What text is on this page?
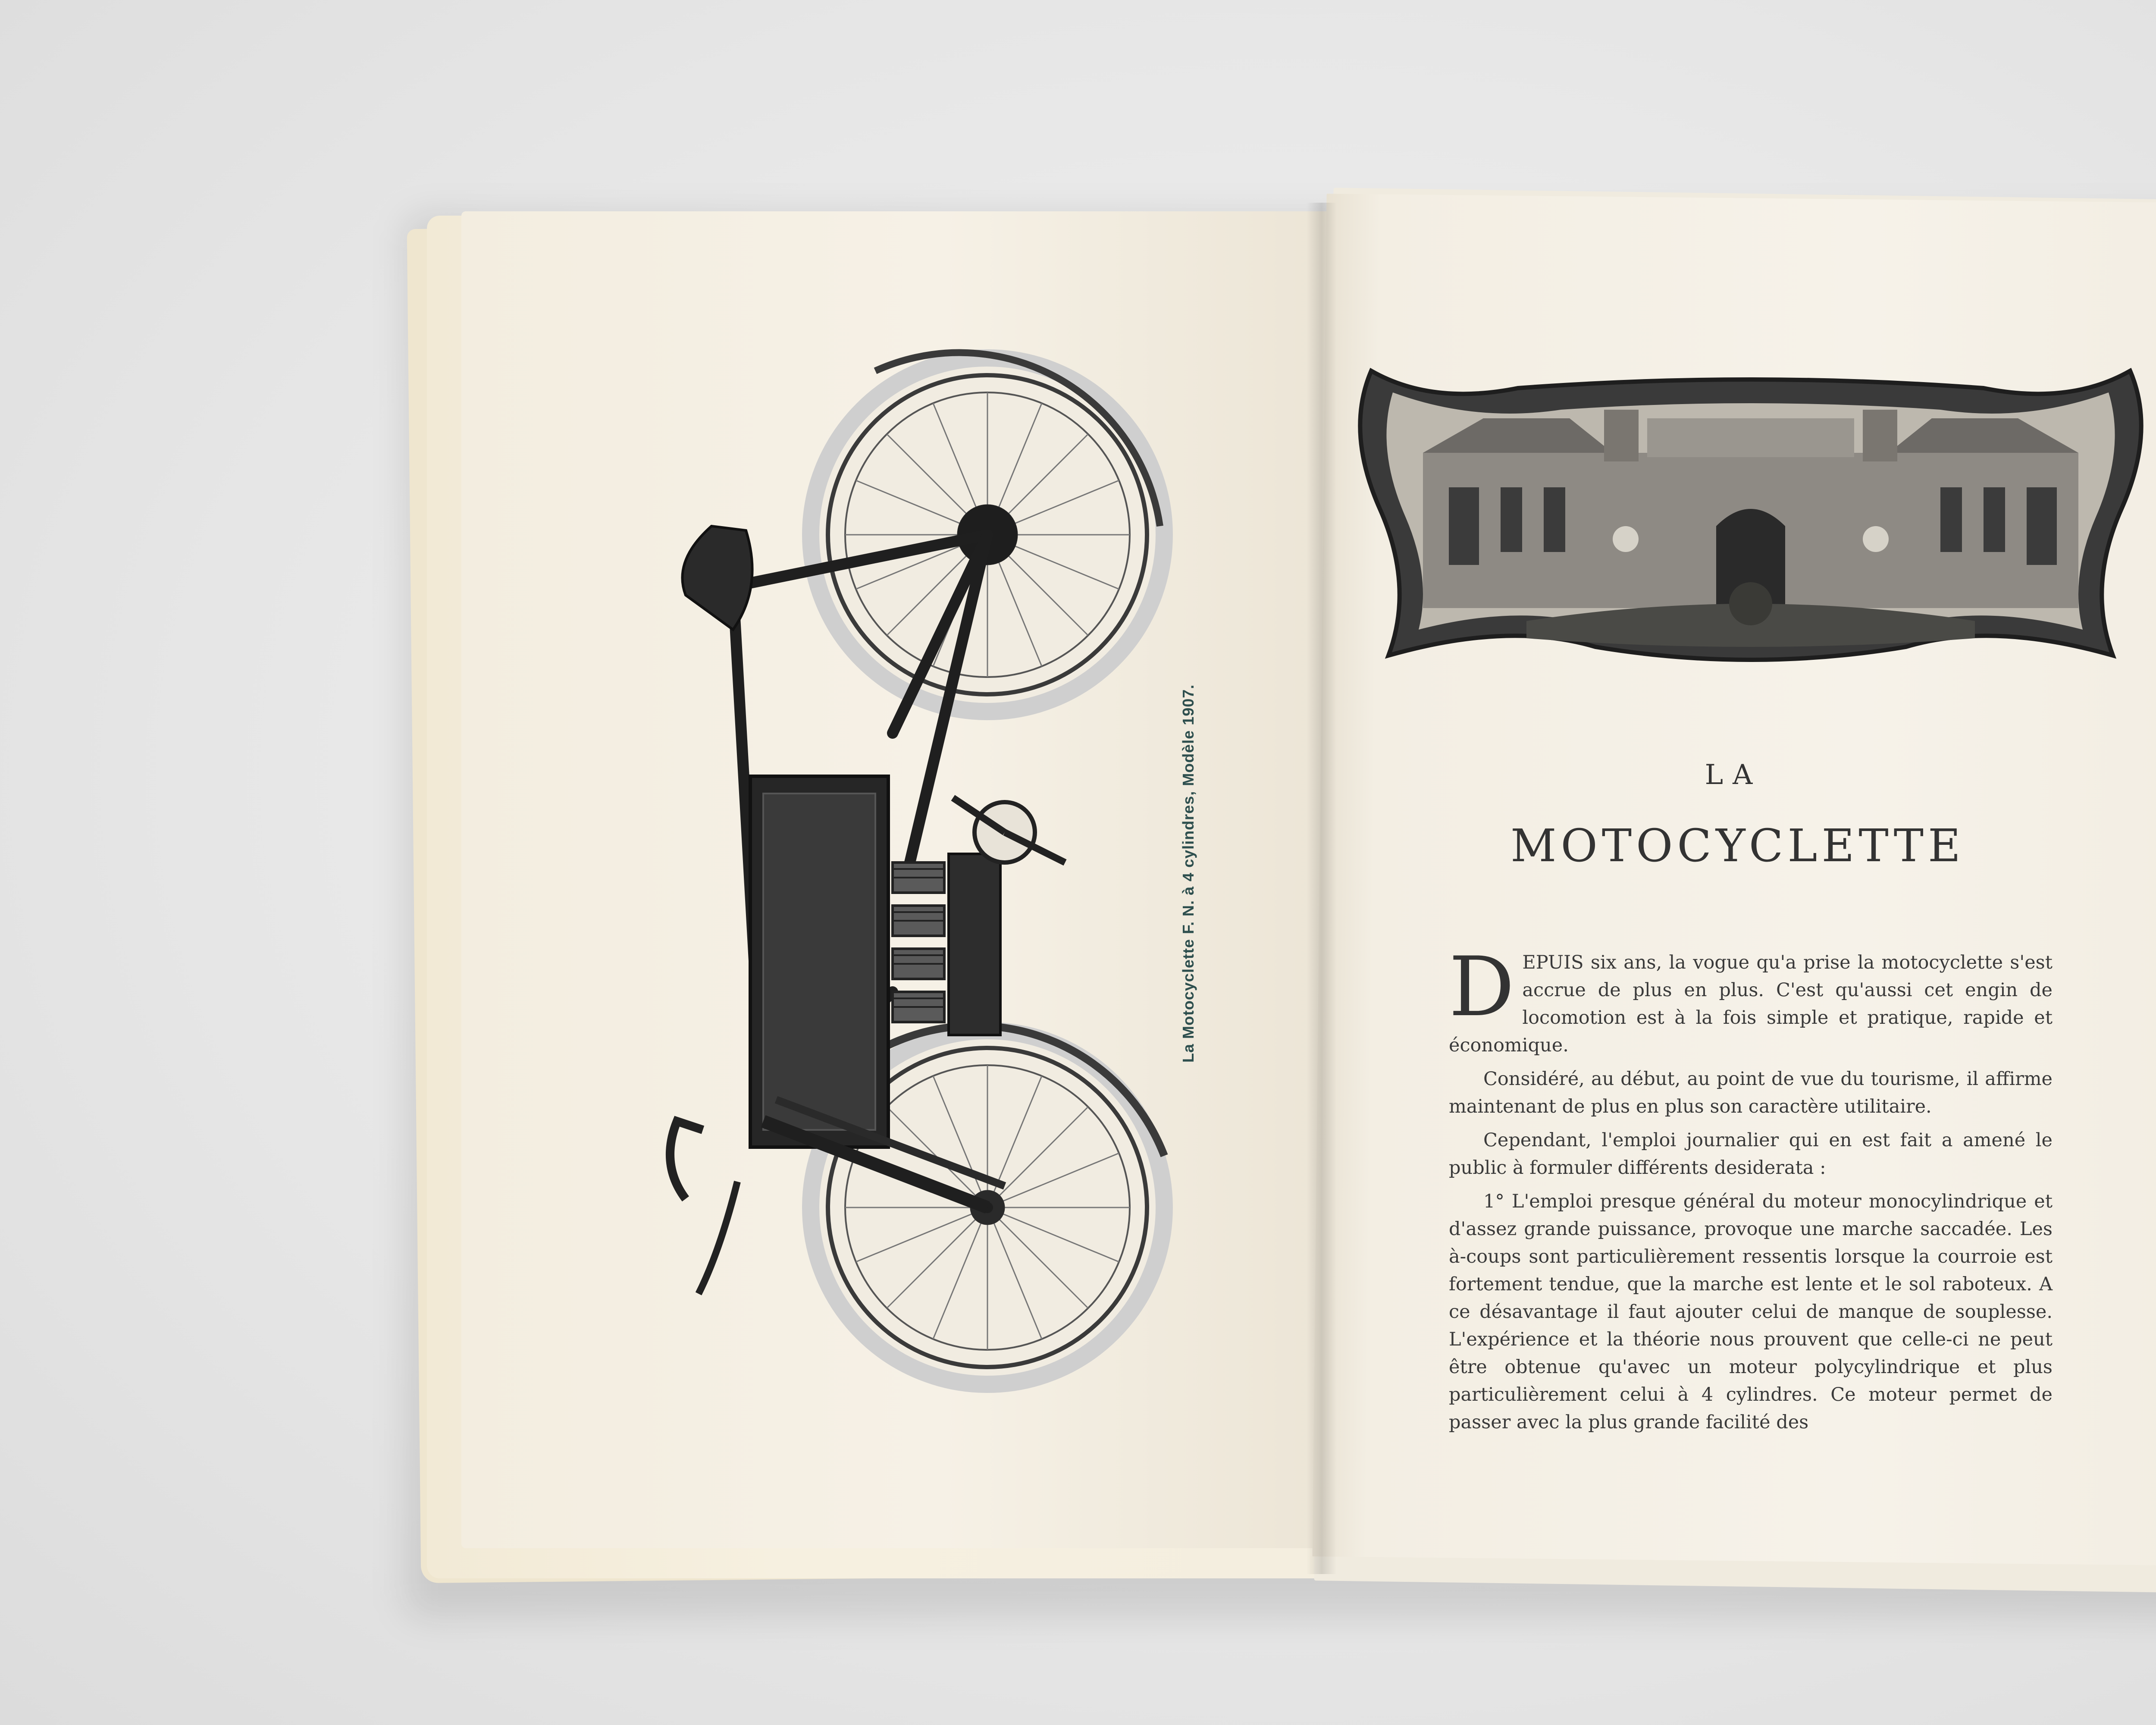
La Motocyclette F. N. à 4 cylindres, Modèle 1907.	LA
MOTOCYCLETTE

DEPUIS six ans, la vogue qu'a prise la motocyclette s'est accrue de plus en plus. C'est qu'aussi cet engin de locomotion est à la fois simple et pratique, rapide et économique.

Considéré, au début, au point de vue du tourisme, il affirme maintenant de plus en plus son caractère utilitaire.

Cependant, l'emploi journalier qui en est fait a amené le public à formuler différents desiderata :

1° L'emploi presque général du moteur monocylindrique et d'assez grande puissance, provoque une marche saccadée. Les à-coups sont particulièrement ressentis lorsque la courroie est fortement tendue, que la marche est lente et le sol raboteux. A ce désavantage il faut ajouter celui de manque de souplesse. L'expérience et la théorie nous prouvent que celle-ci ne peut être obtenue qu'avec un moteur polycylindrique et plus particulièrement celui à 4 cylindres. Ce moteur permet de passer avec la plus grande facilité des
